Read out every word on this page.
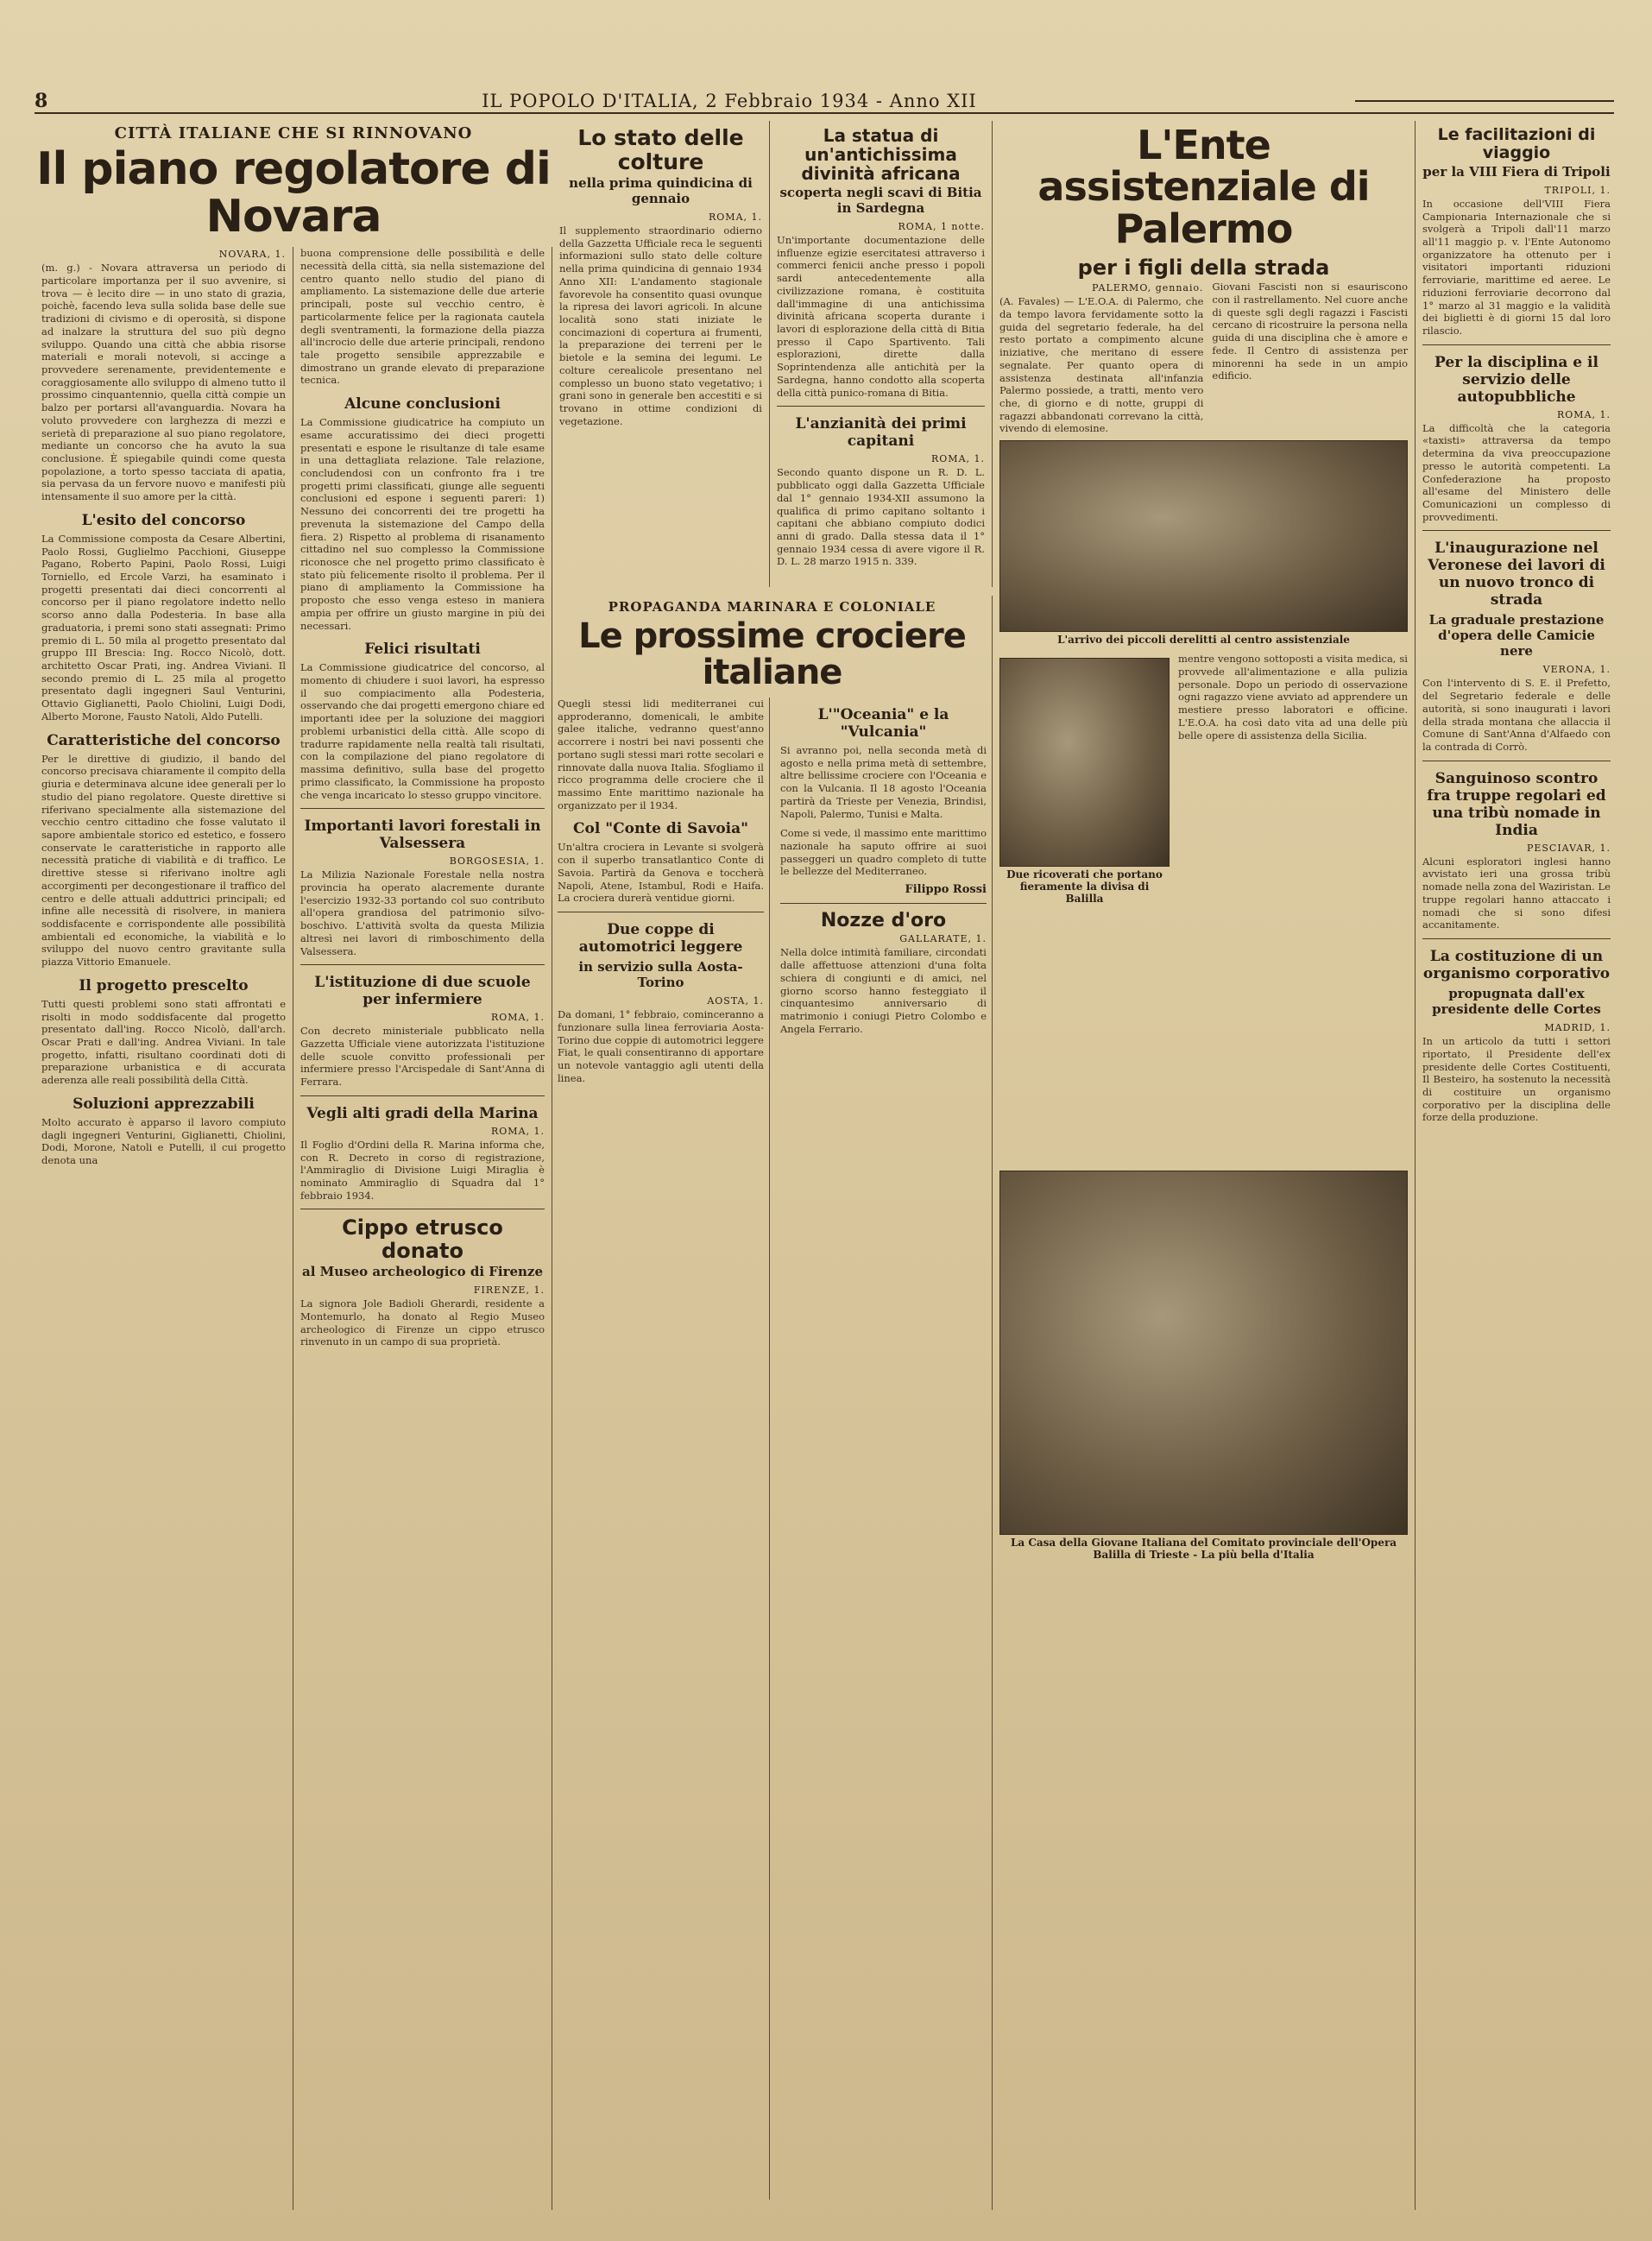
8	IL POPOLO D'ITALIA, 2 Febbraio 1934 - Anno XII
CITTÀ ITALIANE CHE SI RINNOVANO
Il piano regolatore di Novara
NOVARA, 1.
(m. g.) - Novara attraversa un periodo di particolare importanza per il suo avvenire, si trova — è lecito dire — in uno stato di grazia, poichè, facendo leva sulla solida base delle sue tradizioni di civismo e di operosità, si dispone ad inalzare la struttura del suo più degno sviluppo. Quando una città che abbia risorse materiali e morali notevoli, si accinge a provvedere serenamente, previdentemente e coraggiosamente allo sviluppo di almeno tutto il prossimo cinquantennio, quella città compie un balzo per portarsi all'avanguardia. Novara ha voluto provvedere con larghezza di mezzi e serietà di preparazione al suo piano regolatore, mediante un concorso che ha avuto la sua conclusione. È spiegabile quindi come questa popolazione, a torto spesso tacciata di apatia, sia pervasa da un fervore nuovo e manifesti più intensamente il suo amore per la città.
L'esito del concorso
La Commissione composta da Cesare Albertini, Paolo Rossi, Guglielmo Pacchioni, Giuseppe Pagano, Roberto Papini, Paolo Rossi, Luigi Torniello, ed Ercole Varzi, ha esaminato i progetti presentati dai dieci concorrenti al concorso per il piano regolatore indetto nello scorso anno dalla Podesteria. In base alla graduatoria, i premi sono stati assegnati: Primo premio di L. 50 mila al progetto presentato dal gruppo III Brescia: Ing. Rocco Nicolò, dott. architetto Oscar Prati, ing. Andrea Viviani. Il secondo premio di L. 25 mila al progetto presentato dagli ingegneri Saul Venturini, Ottavio Giglianetti, Paolo Chiolini, Luigi Dodi, Alberto Morone, Fausto Natoli, Aldo Putelli.
Caratteristiche del concorso
Per le direttive di giudizio, il bando del concorso precisava chiaramente il compito della giuria e determinava alcune idee generali per lo studio del piano regolatore. Queste direttive si riferivano specialmente alla sistemazione del vecchio centro cittadino che fosse valutato il sapore ambientale storico ed estetico, e fossero conservate le caratteristiche in rapporto alle necessità pratiche di viabilità e di traffico. Le direttive stesse si riferivano inoltre agli accorgimenti per decongestionare il traffico del centro e delle attuali adduttrici principali; ed infine alle necessità di risolvere, in maniera soddisfacente e corrispondente alle possibilità ambientali ed economiche, la viabilità e lo sviluppo del nuovo centro gravitante sulla piazza Vittorio Emanuele.
Il progetto prescelto
Tutti questi problemi sono stati affrontati e risolti in modo soddisfacente dal progetto presentato dall'ing. Rocco Nicolò, dall'arch. Oscar Prati e dall'ing. Andrea Viviani. In tale progetto, infatti, risultano coordinati doti di preparazione urbanistica e di accurata aderenza alle reali possibilità della Città.
Soluzioni apprezzabili
Molto accurato è apparso il lavoro compiuto dagli ingegneri Venturini, Giglianetti, Chiolini, Dodi, Morone, Natoli e Putelli, il cui progetto denota una
buona comprensione delle possibilità e delle necessità della città, sia nella sistemazione del centro quanto nello studio del piano di ampliamento. La sistemazione delle due arterie principali, poste sul vecchio centro, è particolarmente felice per la ragionata cautela degli sventramenti, la formazione della piazza all'incrocio delle due arterie principali, rendono tale progetto sensibile apprezzabile e dimostrano un grande elevato di preparazione tecnica.
Alcune conclusioni
La Commissione giudicatrice ha compiuto un esame accuratissimo dei dieci progetti presentati e espone le risultanze di tale esame in una dettagliata relazione. Tale relazione, concludendosi con un confronto fra i tre progetti primi classificati, giunge alle seguenti conclusioni ed espone i seguenti pareri: 1) Nessuno dei concorrenti dei tre progetti ha prevenuta la sistemazione del Campo della fiera. 2) Rispetto al problema di risanamento cittadino nel suo complesso la Commissione riconosce che nel progetto primo classificato è stato più felicemente risolto il problema. Per il piano di ampliamento la Commissione ha proposto che esso venga esteso in maniera ampia per offrire un giusto margine in più dei necessari.
Felici risultati
La Commissione giudicatrice del concorso, al momento di chiudere i suoi lavori, ha espresso il suo compiacimento alla Podesteria, osservando che dai progetti emergono chiare ed importanti idee per la soluzione dei maggiori problemi urbanistici della città. Alle scopo di tradurre rapidamente nella realtà tali risultati, con la compilazione del piano regolatore di massima definitivo, sulla base del progetto primo classificato, la Commissione ha proposto che venga incaricato lo stesso gruppo vincitore.
Importanti lavori forestali in Valsessera
BORGOSESIA, 1.
La Milizia Nazionale Forestale nella nostra provincia ha operato alacremente durante l'esercizio 1932-33 portando col suo contributo all'opera grandiosa del patrimonio silvo-boschivo. L'attività svolta da questa Milizia altresì nei lavori di rimboschimento della Valsessera.
L'istituzione di due scuole per infermiere
ROMA, 1.
Con decreto ministeriale pubblicato nella Gazzetta Ufficiale viene autorizzata l'istituzione delle scuole convitto professionali per infermiere presso l'Arcispedale di Sant'Anna di Ferrara.
Vegli alti gradi della Marina
ROMA, 1.
Il Foglio d'Ordini della R. Marina informa che, con R. Decreto in corso di registrazione, l'Ammiraglio di Divisione Luigi Miraglia è nominato Ammiraglio di Squadra dal 1° febbraio 1934.
Cippo etrusco donato
al Museo archeologico di Firenze
FIRENZE, 1.
La signora Jole Badioli Gherardi, residente a Montemurlo, ha donato al Regio Museo archeologico di Firenze un cippo etrusco rinvenuto in un campo di sua proprietà.
Lo stato delle colture
nella prima quindicina di gennaio
ROMA, 1.
Il supplemento straordinario odierno della Gazzetta Ufficiale reca le seguenti informazioni sullo stato delle colture nella prima quindicina di gennaio 1934 Anno XII: L'andamento stagionale favorevole ha consentito quasi ovunque la ripresa dei lavori agricoli. In alcune località sono stati iniziate le concimazioni di copertura ai frumenti, la preparazione dei terreni per le bietole e la semina dei legumi. Le colture cerealicole presentano nel complesso un buono stato vegetativo; i grani sono in generale ben accestiti e si trovano in ottime condizioni di vegetazione.
La statua di un'antichissima divinità africana
scoperta negli scavi di Bitia in Sardegna
ROMA, 1 notte.
Un'importante documentazione delle influenze egizie esercitatesi attraverso i commerci fenicii anche presso i popoli sardi antecedentemente alla civilizzazione romana, è costituita dall'immagine di una antichissima divinità africana scoperta durante i lavori di esplorazione della città di Bitia presso il Capo Spartivento. Tali esplorazioni, dirette dalla Soprintendenza alle antichità per la Sardegna, hanno condotto alla scoperta della città punico-romana di Bitia.
L'anzianità dei primi capitani
ROMA, 1.
Secondo quanto dispone un R. D. L. pubblicato oggi dalla Gazzetta Ufficiale dal 1° gennaio 1934-XII assumono la qualifica di primo capitano soltanto i capitani che abbiano compiuto dodici anni di grado. Dalla stessa data il 1° gennaio 1934 cessa di avere vigore il R. D. L. 28 marzo 1915 n. 339.
PROPAGANDA MARINARA E COLONIALE
Le prossime crociere italiane
Quegli stessi lidi mediterranei cui approderanno, domenicali, le ambite galee italiche, vedranno quest'anno accorrere i nostri bei navi possenti che portano sugli stessi mari rotte secolari e rinnovate dalla nuova Italia. Sfogliamo il ricco programma delle crociere che il massimo Ente marittimo nazionale ha organizzato per il 1934.
Col "Conte di Savoia"
Un'altra crociera in Levante si svolgerà con il superbo transatlantico Conte di Savoia. Partirà da Genova e toccherà Napoli, Atene, Istambul, Rodi e Haifa. La crociera durerà ventidue giorni.
Due coppe di automotrici leggere
in servizio sulla Aosta-Torino
AOSTA, 1.
Da domani, 1° febbraio, cominceranno a funzionare sulla linea ferroviaria Aosta-Torino due coppie di automotrici leggere Fiat, le quali consentiranno di apportare un notevole vantaggio agli utenti della linea.
L'"Oceania" e la "Vulcania"
Si avranno poi, nella seconda metà di agosto e nella prima metà di settembre, altre bellissime crociere con l'Oceania e con la Vulcania. Il 18 agosto l'Oceania partirà da Trieste per Venezia, Brindisi, Napoli, Palermo, Tunisi e Malta.
Come si vede, il massimo ente marittimo nazionale ha saputo offrire ai suoi passeggeri un quadro completo di tutte le bellezze del Mediterraneo.
Filippo Rossi
Nozze d'oro
GALLARATE, 1.
Nella dolce intimità familiare, circondati dalle affettuose attenzioni d'una folta schiera di congiunti e di amici, nel giorno scorso hanno festeggiato il cinquantesimo anniversario di matrimonio i coniugi Pietro Colombo e Angela Ferrario.
L'Ente assistenziale di Palermo
per i figli della strada
PALERMO, gennaio.
(A. Favales) — L'E.O.A. di Palermo, che da tempo lavora fervidamente sotto la guida del segretario federale, ha del resto portato a compimento alcune iniziative, che meritano di essere segnalate. Per quanto opera di assistenza destinata all'infanzia Palermo possiede, a tratti, mento vero che, di giorno e di notte, gruppi di ragazzi abbandonati correvano la città, vivendo di elemosine.
Giovani Fascisti non si esauriscono con il rastrellamento. Nel cuore anche di queste sgli degli ragazzi i Fascisti cercano di ricostruire la persona nella guida di una disciplina che è amore e fede. Il Centro di assistenza per minorenni ha sede in un ampio edificio.
L'arrivo dei piccoli derelitti al centro assistenziale
Due ricoverati che portano fieramente la divisa di Balilla
mentre vengono sottoposti a visita medica, si provvede all'alimentazione e alla pulizia personale. Dopo un periodo di osservazione ogni ragazzo viene avviato ad apprendere un mestiere presso laboratori e officine. L'E.O.A. ha così dato vita ad una delle più belle opere di assistenza della Sicilia.
La Casa della Giovane Italiana del Comitato provinciale dell'Opera Balilla di Trieste - La più bella d'Italia
Le facilitazioni di viaggio
per la VIII Fiera di Tripoli
TRIPOLI, 1.
In occasione dell'VIII Fiera Campionaria Internazionale che si svolgerà a Tripoli dall'11 marzo all'11 maggio p. v. l'Ente Autonomo organizzatore ha ottenuto per i visitatori importanti riduzioni ferroviarie, marittime ed aeree. Le riduzioni ferroviarie decorrono dal 1° marzo al 31 maggio e la validità dei biglietti è di giorni 15 dal loro rilascio.
Per la disciplina e il servizio delle autopubbliche
ROMA, 1.
La difficoltà che la categoria «taxisti» attraversa da tempo determina da viva preoccupazione presso le autorità competenti. La Confederazione ha proposto all'esame del Ministero delle Comunicazioni un complesso di provvedimenti.
L'inaugurazione nel Veronese dei lavori di un nuovo tronco di strada
La graduale prestazione d'opera delle Camicie nere
VERONA, 1.
Con l'intervento di S. E. il Prefetto, del Segretario federale e delle autorità, si sono inaugurati i lavori della strada montana che allaccia il Comune di Sant'Anna d'Alfaedo con la contrada di Corrò.
Sanguinoso scontro fra truppe regolari ed una tribù nomade in India
PESCIAVAR, 1.
Alcuni esploratori inglesi hanno avvistato ieri una grossa tribù nomade nella zona del Waziristan. Le truppe regolari hanno attaccato i nomadi che si sono difesi accanitamente.
La costituzione di un organismo corporativo
propugnata dall'ex presidente delle Cortes
MADRID, 1.
In un articolo da tutti i settori riportato, il Presidente dell'ex presidente delle Cortes Costituenti, Il Besteiro, ha sostenuto la necessità di costituire un organismo corporativo per la disciplina delle forze della produzione.
